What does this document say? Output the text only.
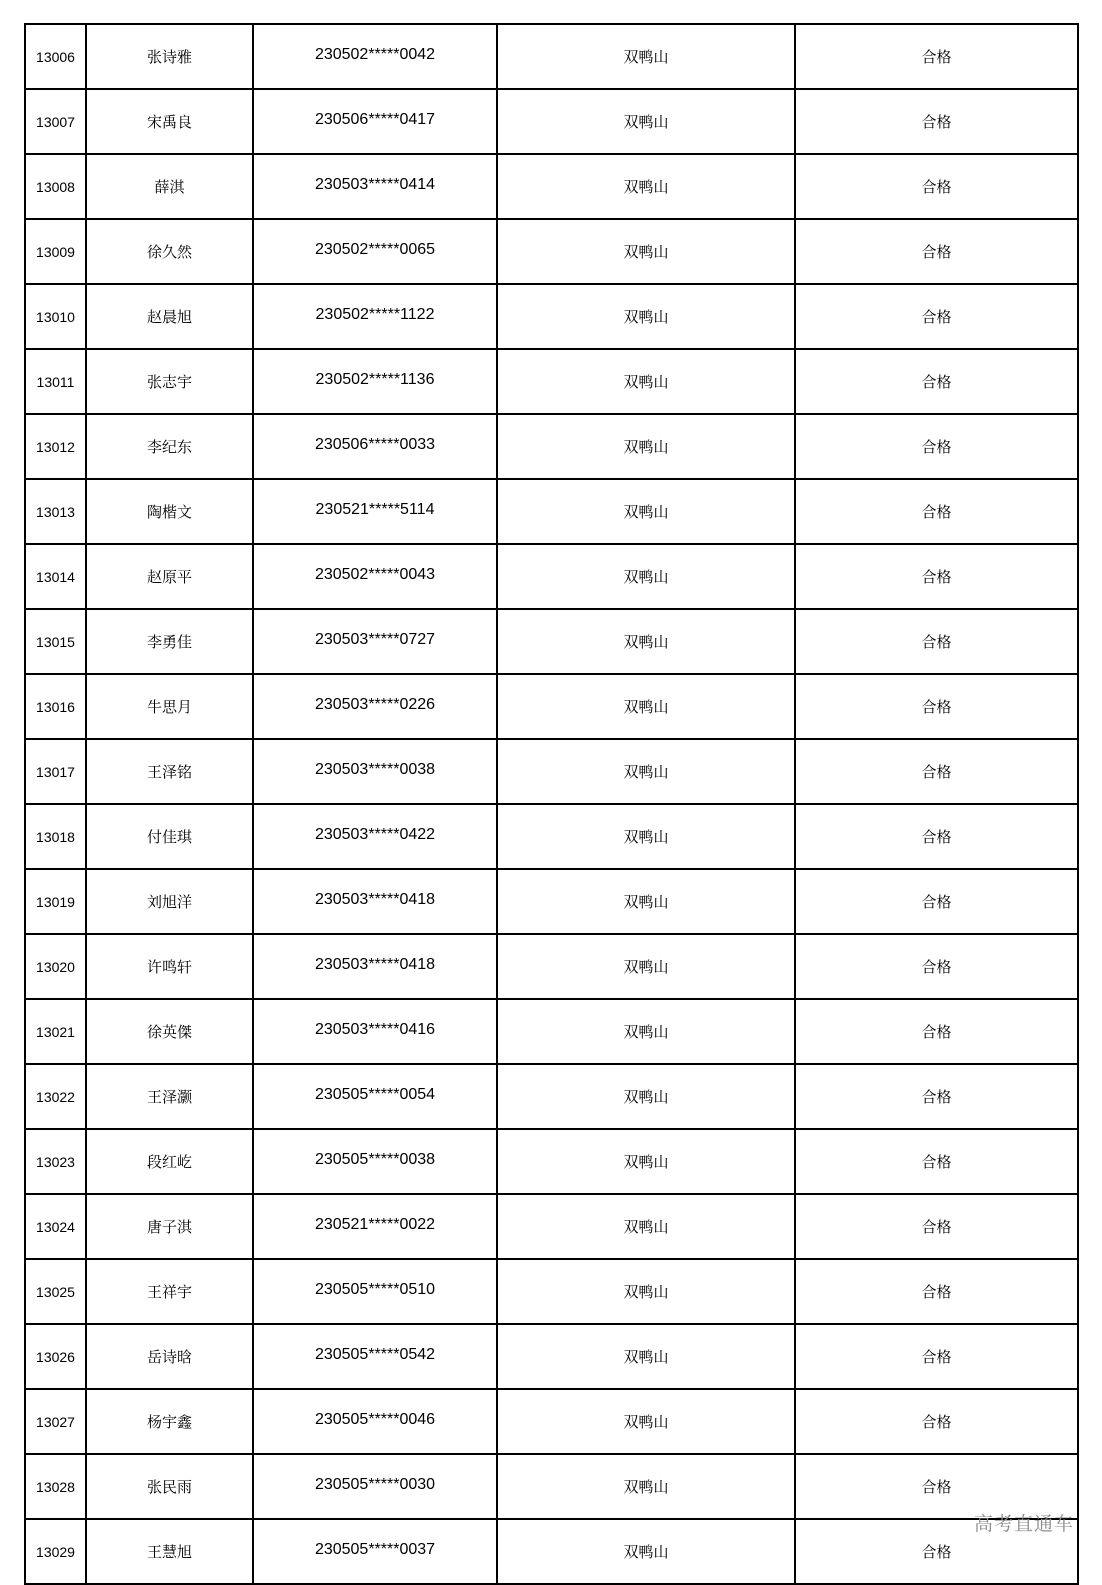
13006	张诗雅	230502*****0042	双鸭山	合格
13007	宋禹良	230506*****0417	双鸭山	合格
13008	薛淇	230503*****0414	双鸭山	合格
13009	徐久然	230502*****0065	双鸭山	合格
13010	赵晨旭	230502*****1122	双鸭山	合格
13011	张志宇	230502*****1136	双鸭山	合格
13012	李纪东	230506*****0033	双鸭山	合格
13013	陶楷文	230521*****5114	双鸭山	合格
13014	赵原平	230502*****0043	双鸭山	合格
13015	李勇佳	230503*****0727	双鸭山	合格
13016	牛思月	230503*****0226	双鸭山	合格
13017	王泽铭	230503*****0038	双鸭山	合格
13018	付佳琪	230503*****0422	双鸭山	合格
13019	刘旭洋	230503*****0418	双鸭山	合格
13020	许鸣轩	230503*****0418	双鸭山	合格
13021	徐英傑	230503*****0416	双鸭山	合格
13022	王泽灏	230505*****0054	双鸭山	合格
13023	段红屹	230505*****0038	双鸭山	合格
13024	唐子淇	230521*****0022	双鸭山	合格
13025	王祥宇	230505*****0510	双鸭山	合格
13026	岳诗晗	230505*****0542	双鸭山	合格
13027	杨宇鑫	230505*****0046	双鸭山	合格
13028	张民雨	230505*****0030	双鸭山	合格
13029	王慧旭	230505*****0037	双鸭山	合格
高考直通车
